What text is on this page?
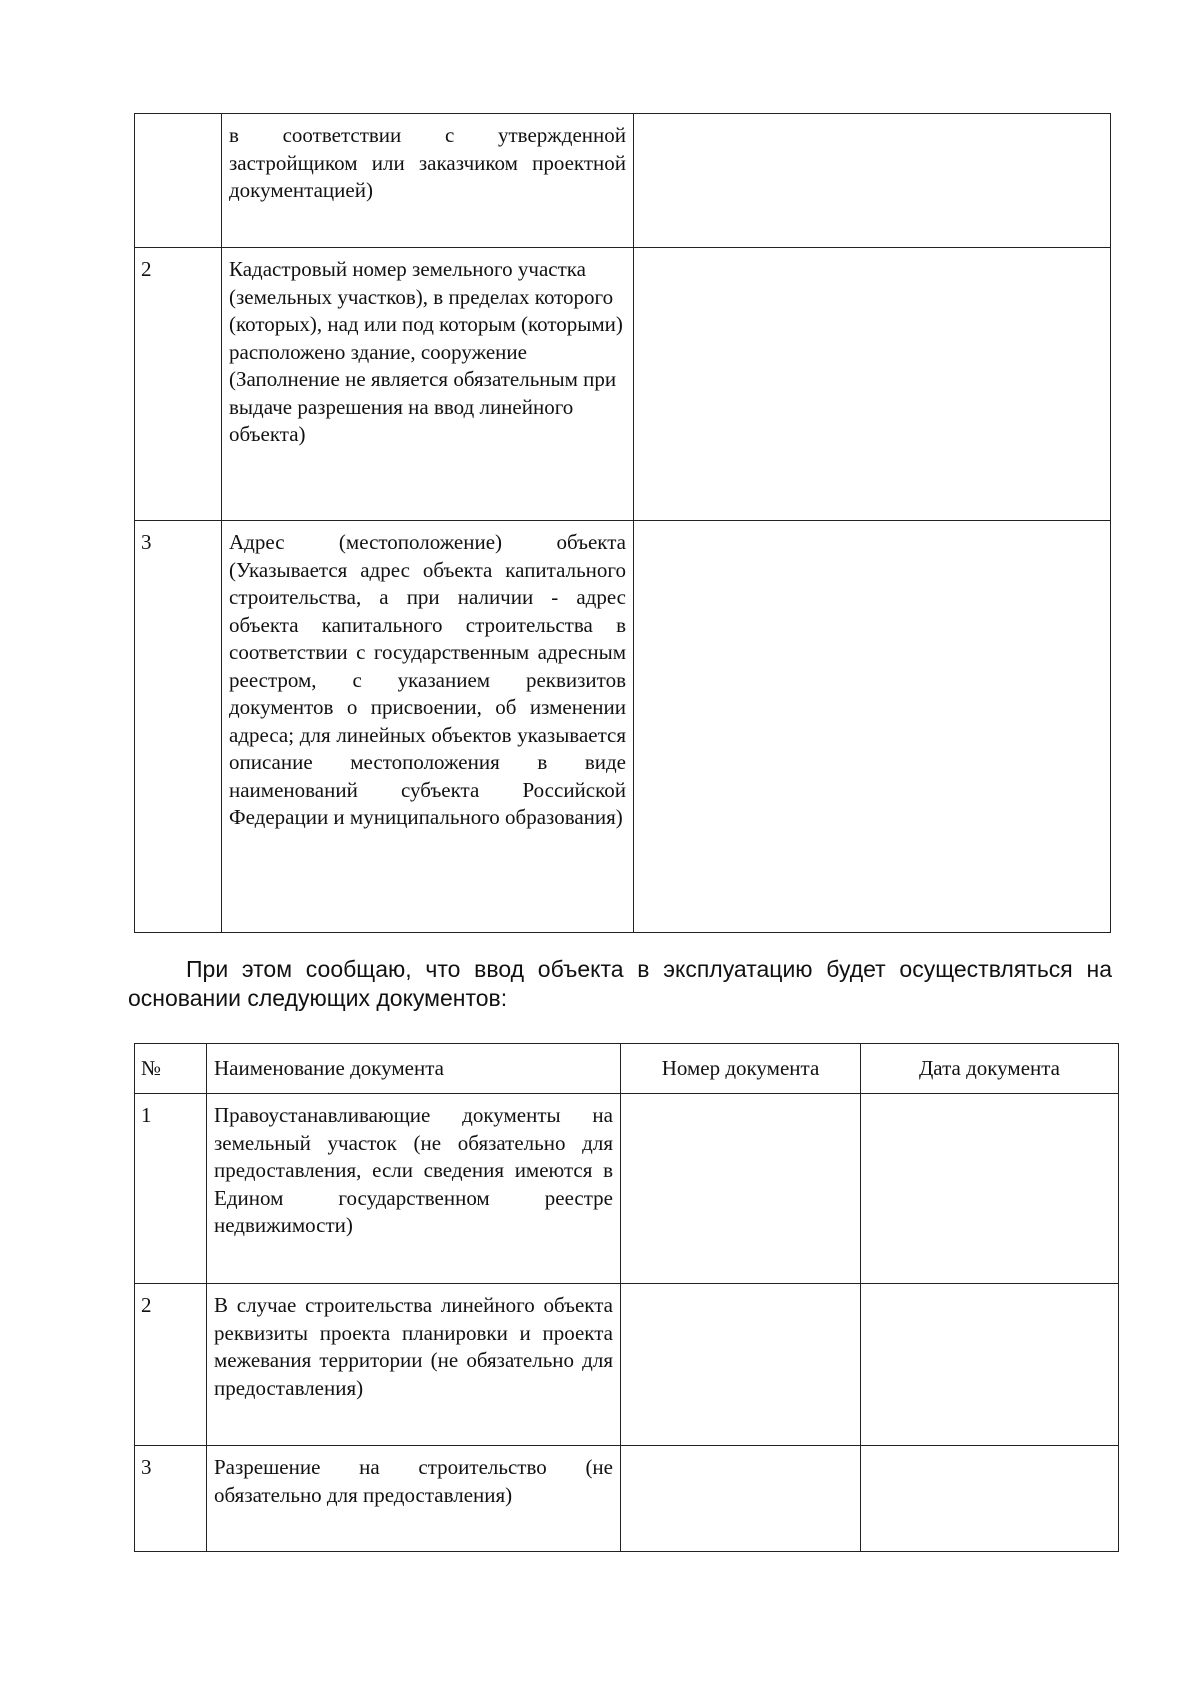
	в соответствии с утвержденной застройщиком или заказчиком проектной документацией)	
2	Кадастровый номер земельного участка (земельных участков), в пределах которого (которых), над или под которым (которыми) расположено здание, сооружение (Заполнение не является обязательным при выдаче разрешения на ввод линейного объекта)	
3	Адрес (местоположение) объекта (Указывается адрес объекта капитального строительства, а при наличии - адрес объекта капитального строительства в соответствии с государственным адресным реестром, с указанием реквизитов документов о присвоении, об изменении адреса; для линейных объектов указывается описание местоположения в виде наименований субъекта Российской Федерации и муниципального образования)	
При этом сообщаю, что ввод объекта в эксплуатацию будет осуществляться на основании следующих документов:
№	Наименование документа	Номер документа	Дата документа
1	Правоустанавливающие документы на земельный участок (не обязательно для предоставления, если сведения имеются в Едином государственном реестре недвижимости)		
2	В случае строительства линейного объекта реквизиты проекта планировки и проекта межевания территории (не обязательно для предоставления)		
3	Разрешение на строительство (не обязательно для предоставления)		
